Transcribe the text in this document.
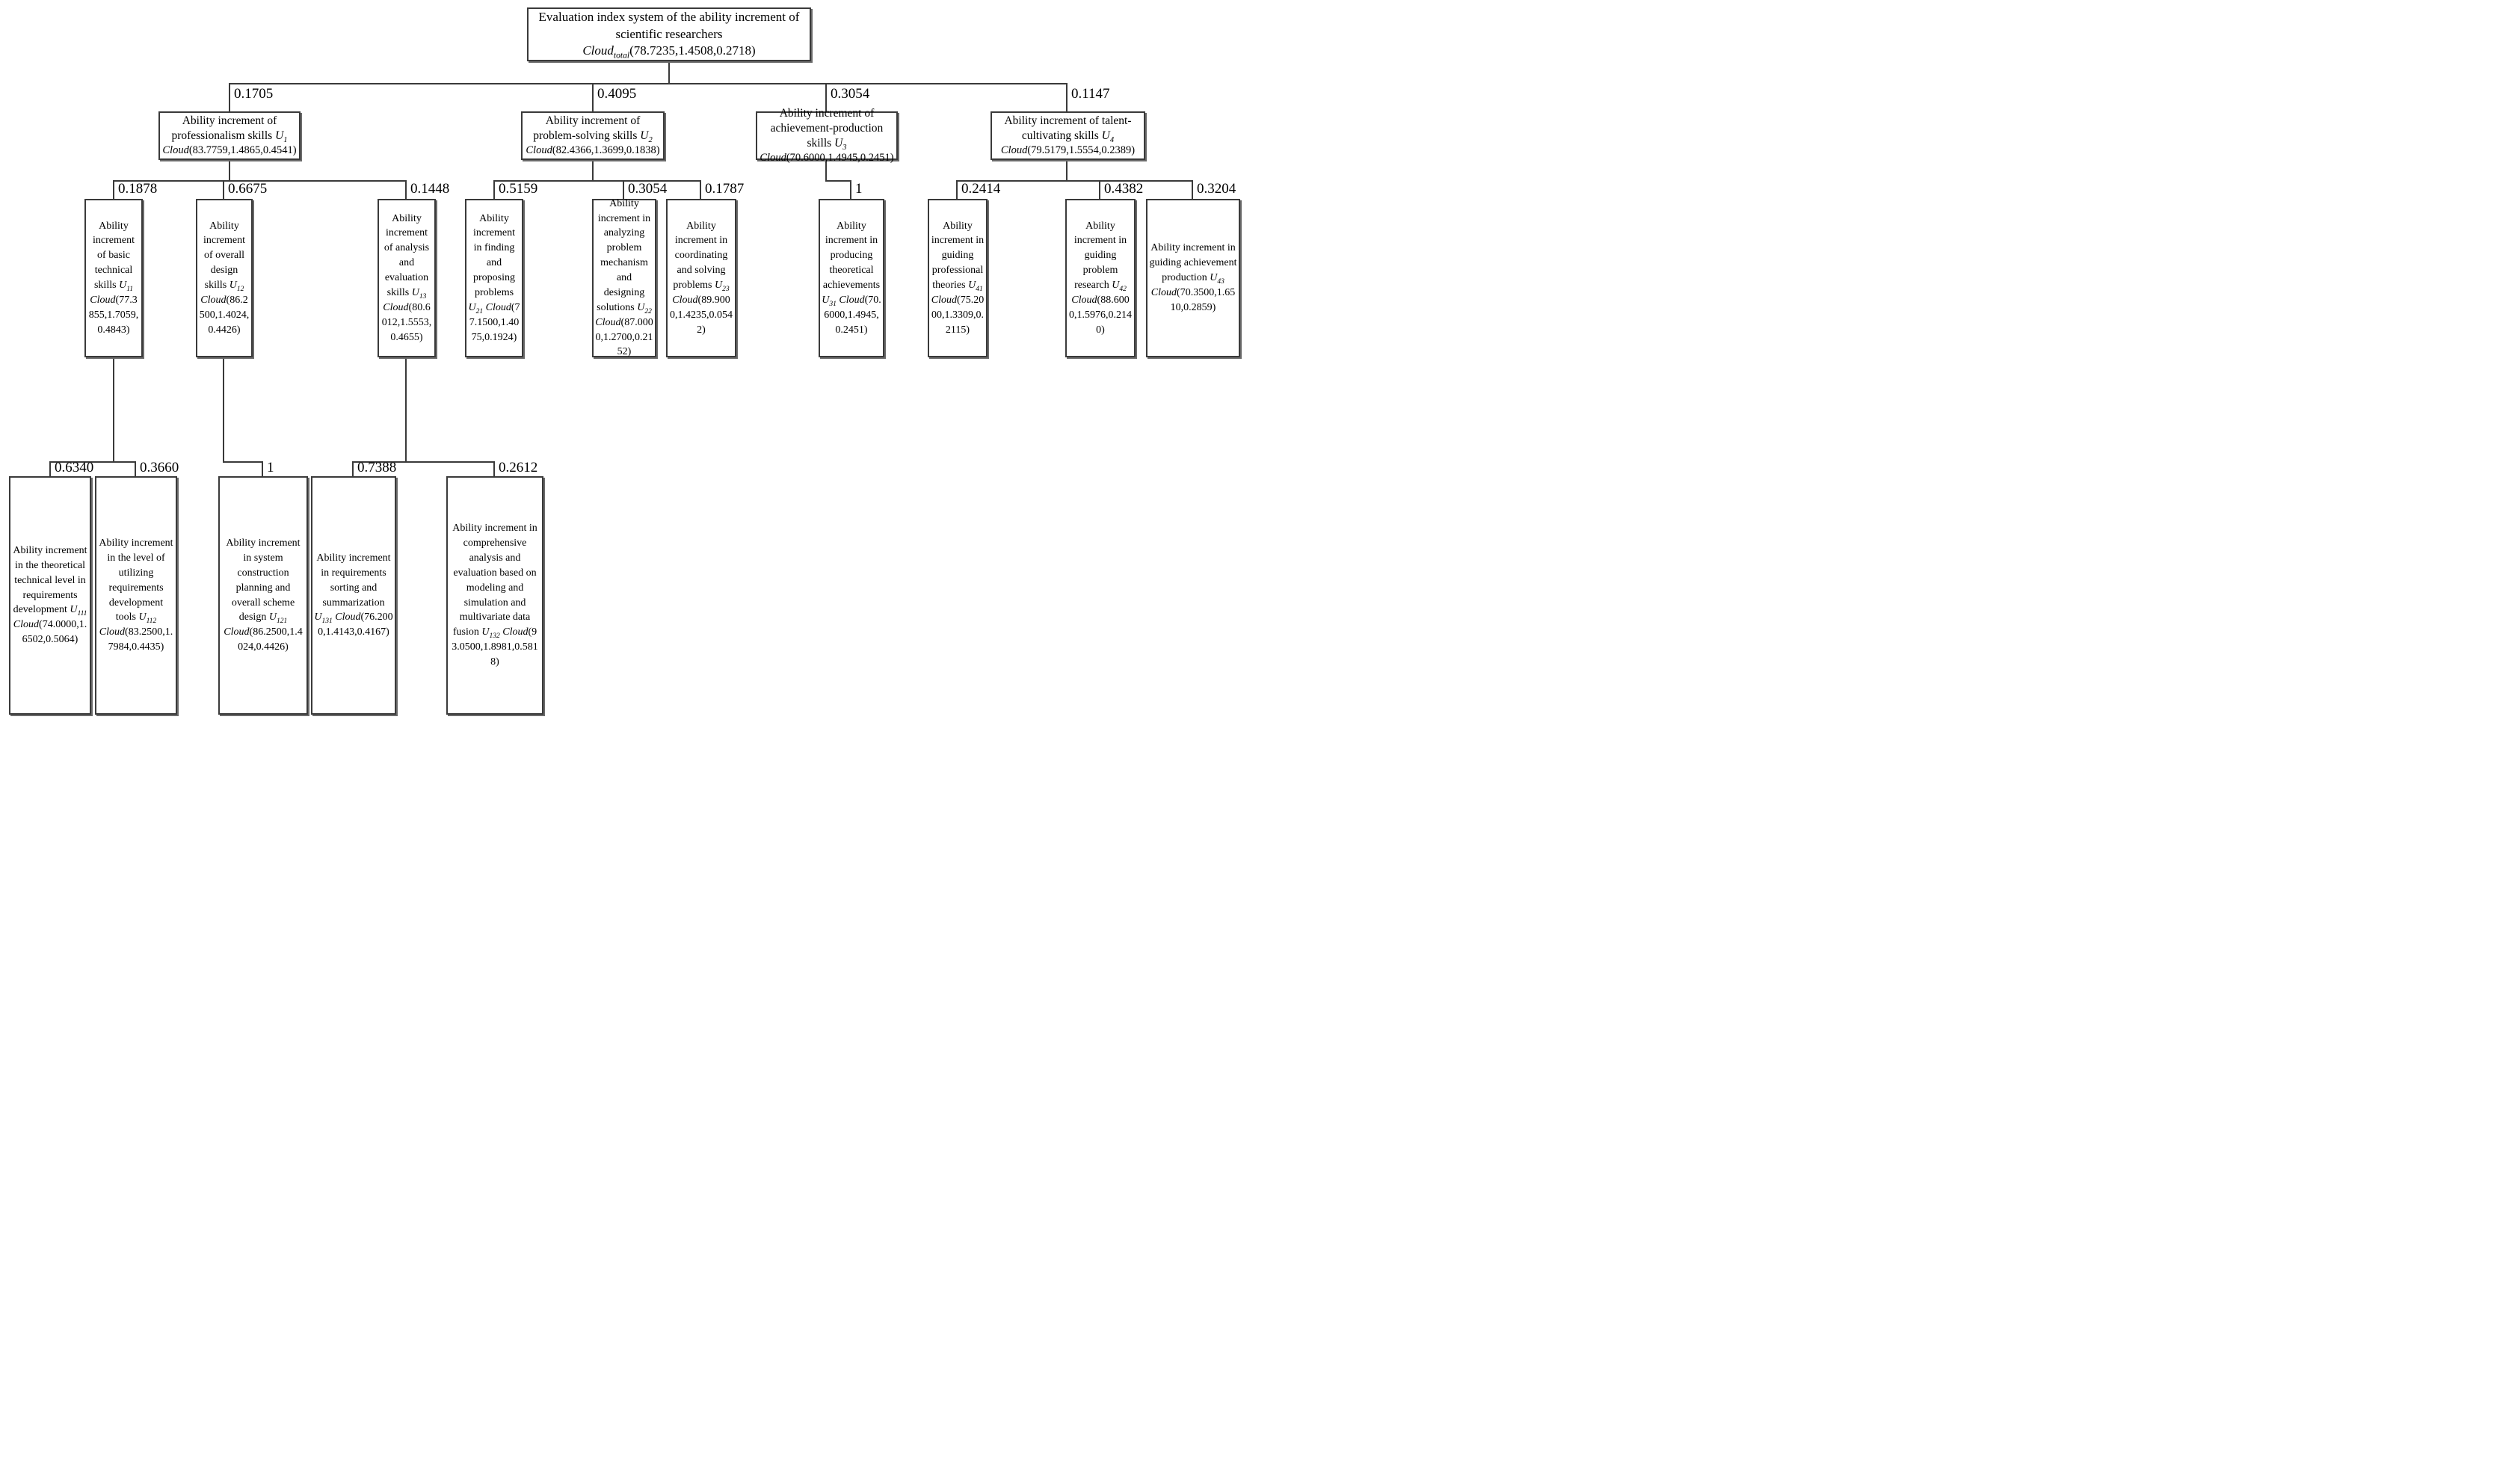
0.1705	0.4095	0.3054	0.1147
0.1878	0.6675	0.1448	0.5159	0.3054	0.1787	1	0.2414	0.4382	0.3204
0.6340	0.3660	1	0.7388	0.2612
Evaluation index system of the ability increment of scientific researchers
Cloud$_{total}$(78.7235,1.4508,0.2718)
Ability increment of professionalism skills $U_1$
Cloud(83.7759,1.4865,0.4541)
Ability increment of problem-solving skills $U_2$
Cloud(82.4366,1.3699,0.1838)
Ability increment of achievement-production skills $U_3$
Cloud(70.6000,1.4945,0.2451)
Ability increment of talent-cultivating skills $U_4$
Cloud(79.5179,1.5554,0.2389)
Ability increment of basic technical skills $U_{11}$ Cloud(77.3855,1.7059,0.4843)
Ability increment of overall design skills $U_{12}$ Cloud(86.2500,1.4024,0.4426)
Ability increment of analysis and evaluation skills $U_{13}$ Cloud(80.6012,1.5553,0.4655)
Ability increment in finding and proposing problems $U_{21}$ Cloud(77.1500,1.4075,0.1924)
Ability increment in analyzing problem mechanism and designing solutions $U_{22}$ Cloud(87.0000,1.2700,0.2152)
Ability increment in coordinating and solving problems $U_{23}$ Cloud(89.9000,1.4235,0.0542)
Ability increment in producing theoretical achievements $U_{31}$ Cloud(70.6000,1.4945,0.2451)
Ability increment in guiding professional theories $U_{41}$ Cloud(75.2000,1.3309,0.2115)
Ability increment in guiding problem research $U_{42}$ Cloud(88.6000,1.5976,0.2140)
Ability increment in guiding achievement production $U_{43}$ Cloud(70.3500,1.6510,0.2859)
Ability increment in the theoretical technical level in requirements development $U_{111}$ Cloud(74.0000,1.6502,0.5064)
Ability increment in the level of utilizing requirements development tools $U_{112}$ Cloud(83.2500,1.7984,0.4435)
Ability increment in system construction planning and overall scheme design $U_{121}$ Cloud(86.2500,1.4024,0.4426)
Ability increment in requirements sorting and summarization $U_{131}$ Cloud(76.2000,1.4143,0.4167)
Ability increment in comprehensive analysis and evaluation based on modeling and simulation and multivariate data fusion $U_{132}$ Cloud(93.0500,1.8981,0.5818)
